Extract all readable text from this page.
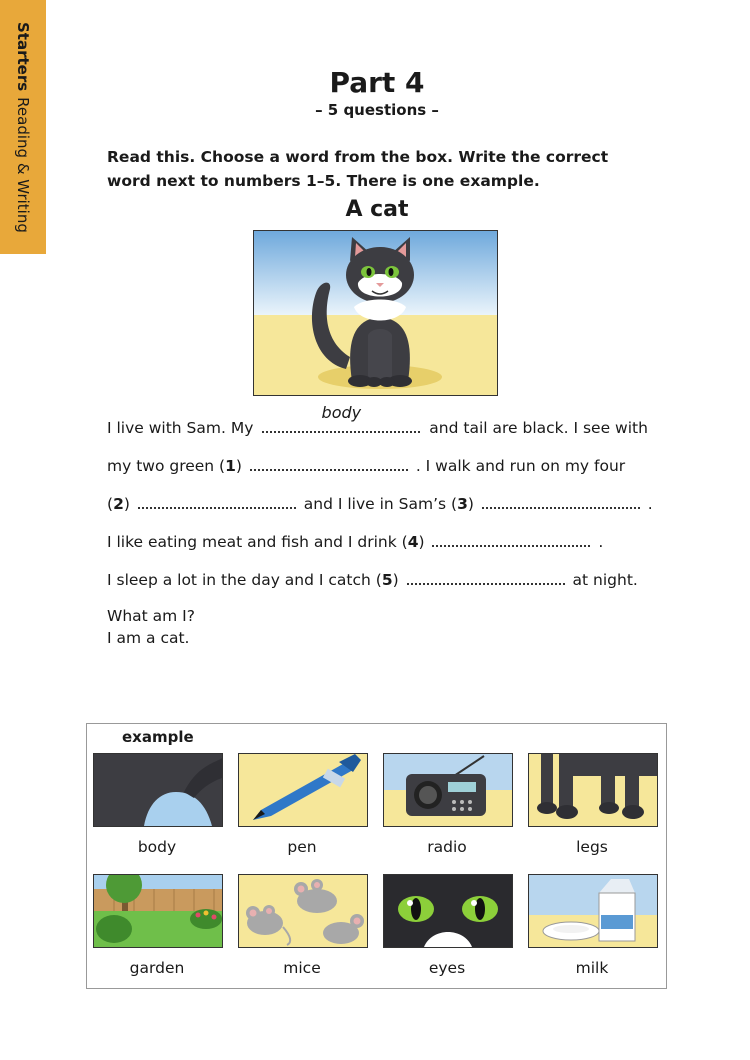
StartersReading & Writing
Part 4
– 5 questions –
Read this. Choose a word from the box. Write the correct word next to numbers 1–5. There is one example.
A cat
I live with Sam. My
body
and tail are black. I see with
my two green (1)	. I walk and run on my four
(2)	and I live in Sam’s (3)	.
I like eating meat and fish and I drink (4)	.
I sleep a lot in the day and I catch (5)	at night.
What am I?
I am a cat.
example
body	pen	radio	legs
garden	mice	eyes	milk
